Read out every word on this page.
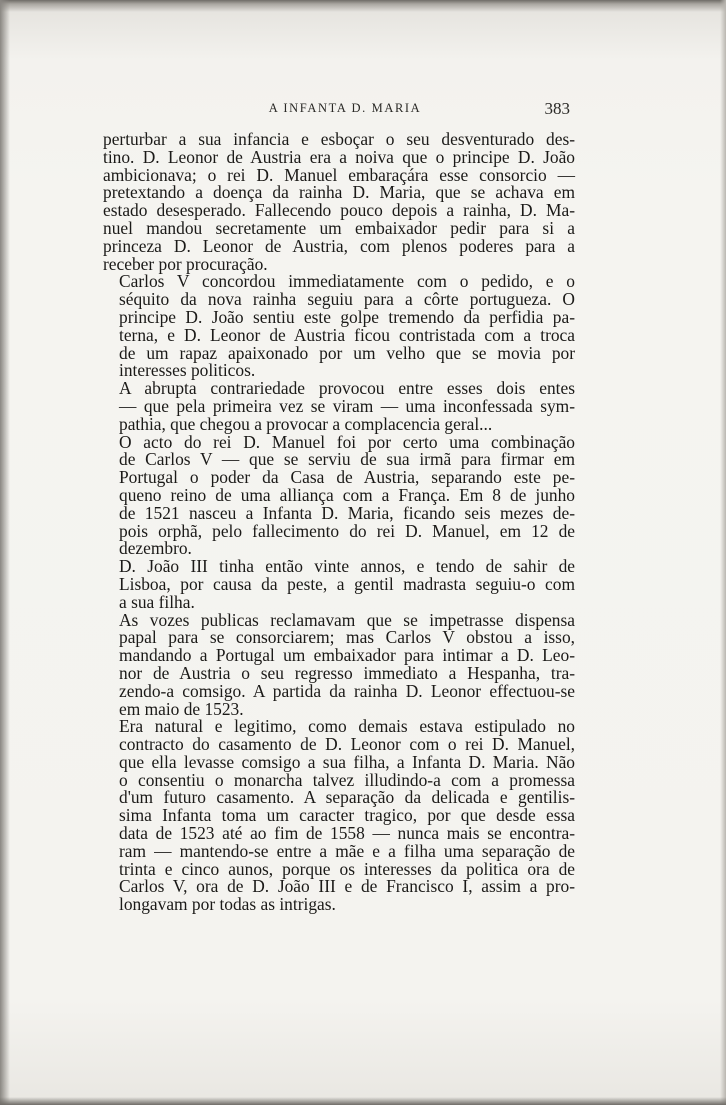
A INFANTA D. MARIA	383

perturbar a sua infancia e esboçar o seu desventurado des-
tino. D. Leonor de Austria era a noiva que o principe D. João
ambicionava; o rei D. Manuel embaraçára esse consorcio —
pretextando a doença da rainha D. Maria, que se achava em
estado desesperado. Fallecendo pouco depois a rainha, D. Ma-
nuel mandou secretamente um embaixador pedir para si a
princeza D. Leonor de Austria, com plenos poderes para a
receber por procuração.

Carlos V concordou immediatamente com o pedido, e o
séquito da nova rainha seguiu para a côrte portugueza. O
principe D. João sentiu este golpe tremendo da perfidia pa-
terna, e D. Leonor de Austria ficou contristada com a troca
de um rapaz apaixonado por um velho que se movia por
interesses politicos.

A abrupta contrariedade provocou entre esses dois entes
— que pela primeira vez se viram — uma inconfessada sym-
pathia, que chegou a provocar a complacencia geral...

O acto do rei D. Manuel foi por certo uma combinação
de Carlos V — que se serviu de sua irmã para firmar em
Portugal o poder da Casa de Austria, separando este pe-
queno reino de uma alliança com a França. Em 8 de junho
de 1521 nasceu a Infanta D. Maria, ficando seis mezes de-
pois orphã, pelo fallecimento do rei D. Manuel, em 12 de
dezembro.

D. João III tinha então vinte annos, e tendo de sahir de
Lisboa, por causa da peste, a gentil madrasta seguiu-o com
a sua filha.

As vozes publicas reclamavam que se impetrasse dispensa
papal para se consorciarem; mas Carlos V obstou a isso,
mandando a Portugal um embaixador para intimar a D. Leo-
nor de Austria o seu regresso immediato a Hespanha, tra-
zendo-a comsigo. A partida da rainha D. Leonor effectuou-se
em maio de 1523.

Era natural e legitimo, como demais estava estipulado no
contracto do casamento de D. Leonor com o rei D. Manuel,
que ella levasse comsigo a sua filha, a Infanta D. Maria. Não
o consentiu o monarcha talvez illudindo-a com a promessa
d'um futuro casamento. A separação da delicada e gentilis-
sima Infanta toma um caracter tragico, por que desde essa
data de 1523 até ao fim de 1558 — nunca mais se encontra-
ram — mantendo-se entre a mãe e a filha uma separação de
trinta e cinco aunos, porque os interesses da politica ora de
Carlos V, ora de D. João III e de Francisco I, assim a pro-
longavam por todas as intrigas.
